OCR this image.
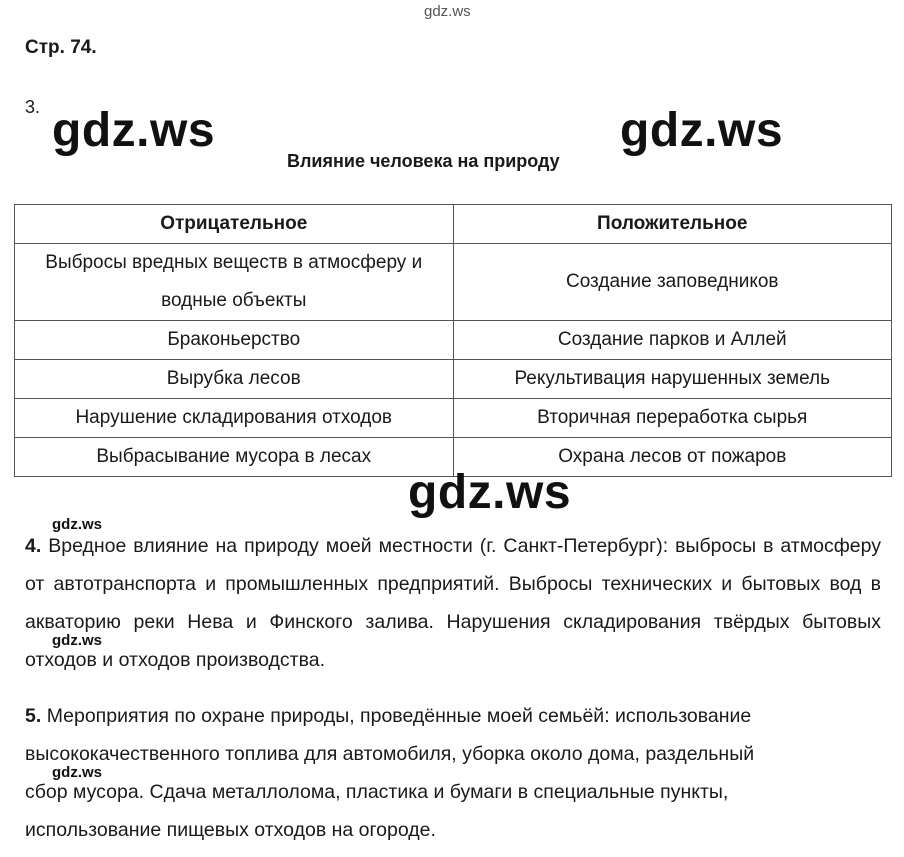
gdz.ws
Стр. 74.
3.
Влияние человека на природу
Отрицательное	Положительное
Выбросы вредных веществ в атмосферу и водные объекты	Создание заповедников
Браконьерство	Создание парков и Аллей
Вырубка лесов	Рекультивация нарушенных земель
Нарушение складирования отходов	Вторичная переработка сырья
Выбрасывание мусора в лесах	Охрана лесов от пожаров
4. Вредное влияние на природу моей местности (г. Санкт-Петербург): выбросы в атмосферу от автотранспорта и промышленных предприятий. Выбросы технических и бытовых вод в акваторию реки Нева и Финского залива. Нарушения складирования твёрдых бытовых отходов и отходов производства.
5. Мероприятия по охране природы, проведённые моей семьёй: использование
высококачественного топлива для автомобиля, уборка около дома, раздельный
сбор мусора. Сдача металлолома, пластика и бумаги в специальные пункты,
использование пищевых отходов на огороде.
gdz.ws	gdz.ws
gdz.ws
gdz.ws
gdz.ws
gdz.ws
